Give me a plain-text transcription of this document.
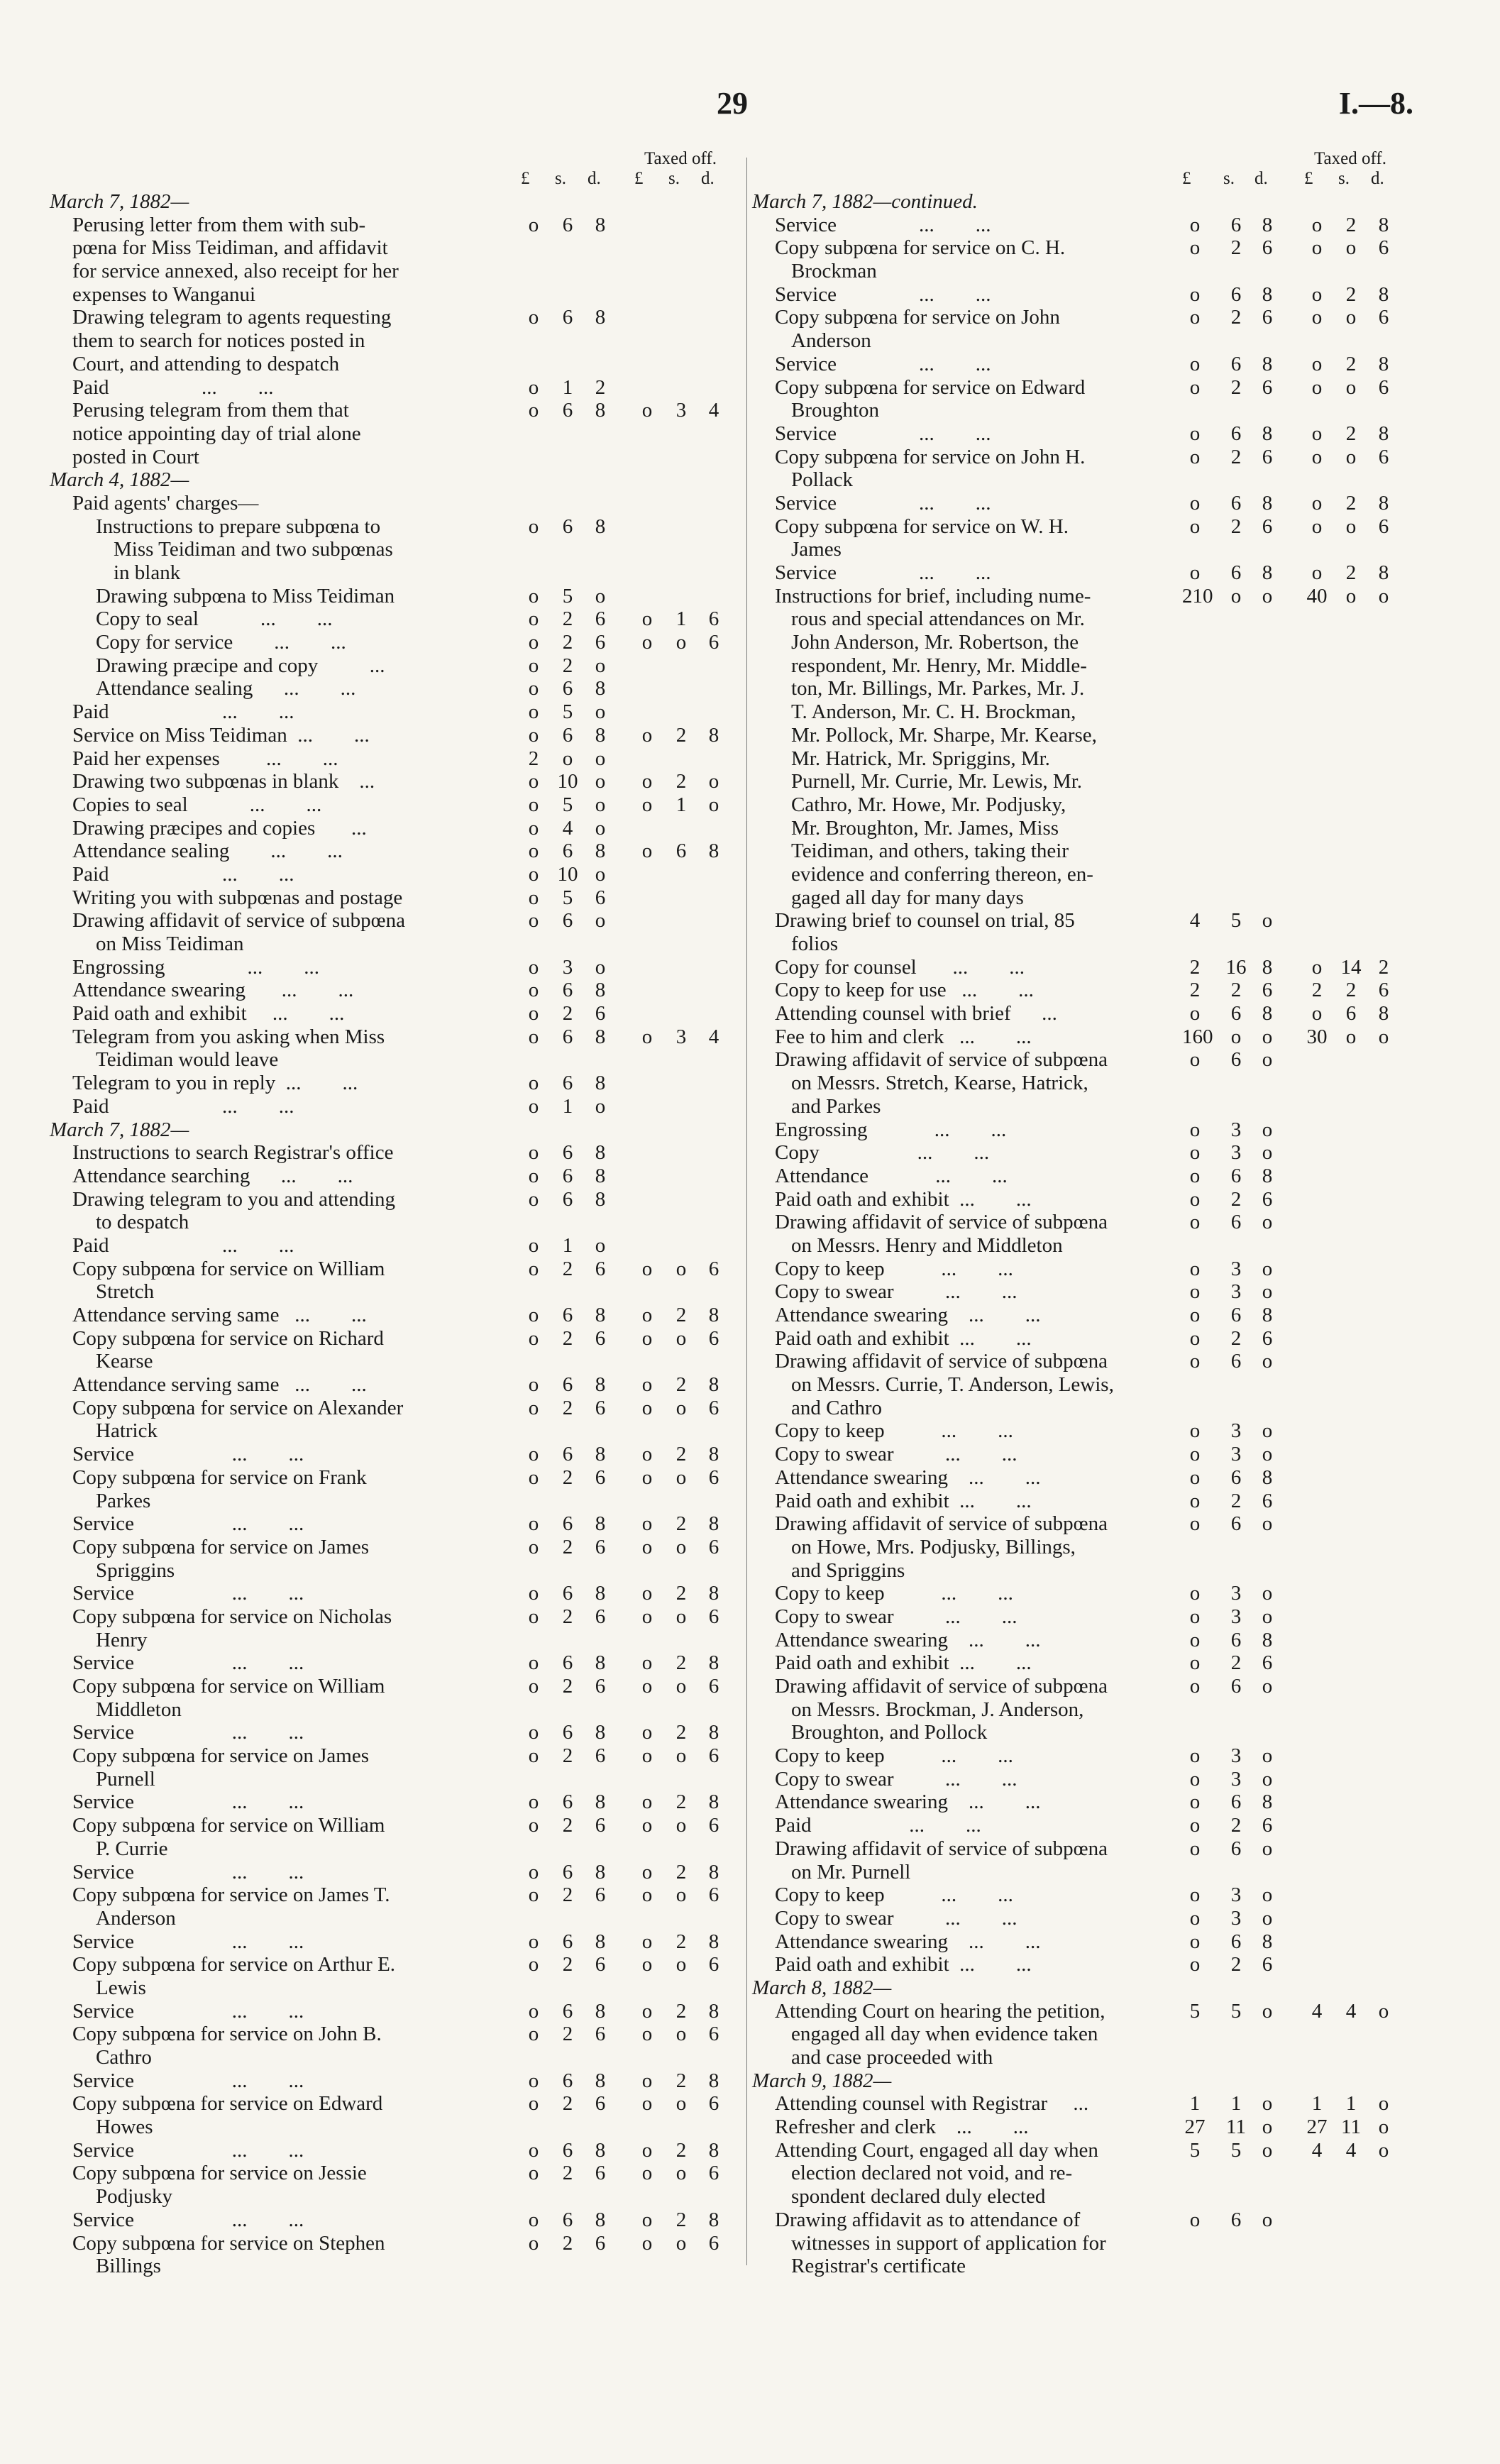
29	I.—8.
Taxed off.
£ s. d. £ s. d.
March 7, 1882—
Perusing letter from them with sub-	o	6	8
pœna for Miss Teidiman, and affidavit
for service annexed, also receipt for her
expenses to Wanganui
Drawing telegram to agents requesting	o	6	8
them to search for notices posted in
Court, and attending to despatch
Paid                  ...        ...	o	1	2
Perusing telegram from them that	o	6	8	o	3	4
notice appointing day of trial alone
posted in Court
March 4, 1882—
Paid agents' charges—
Instructions to prepare subpœna to	o	6	8
Miss Teidiman and two subpœnas
in blank
Drawing subpœna to Miss Teidiman	o	5	o
Copy to seal            ...        ...	o	2	6	o	1	6
Copy for service        ...        ...	o	2	6	o	o	6
Drawing præcipe and copy          ...	o	2	o
Attendance sealing      ...        ...	o	6	8
Paid                      ...        ...	o	5	o
Service on Miss Teidiman  ...        ...	o	6	8	o	2	8
Paid her expenses         ...        ...	2	o	o
Drawing two subpœnas in blank    ...	o 10 o	o	2	o
Copies to seal            ...        ...	o	5	o	o	1	o
Drawing præcipes and copies       ...	o	4	o
Attendance sealing        ...        ...	o	6	8	o	6	8
Paid                      ...        ...	o 10 o
Writing you with subpœnas and postage	o	5	6
Drawing affidavit of service of subpœna	o	6	o
on Miss Teidiman
Engrossing                ...        ...	o	3	o
Attendance swearing       ...        ...	o	6	8
Paid oath and exhibit     ...        ...	o	2	6
Telegram from you asking when Miss	o	6	8	o	3	4
Teidiman would leave
Telegram to you in reply  ...        ...	o	6	8
Paid                      ...        ...	o	1	o
March 7, 1882—
Instructions to search Registrar's office	o	6	8
Attendance searching      ...        ...	o	6	8
Drawing telegram to you and attending	o	6	8
to despatch
Paid                      ...        ...	o	1	o
Copy subpœna for service on William	o	2	6	o	o	6
Stretch
Attendance serving same   ...        ...	o	6	8	o	2	8
Copy subpœna for service on Richard	o	2	6	o	o	6
Kearse
Attendance serving same   ...        ...	o	6	8	o	2	8
Copy subpœna for service on Alexander	o	2	6	o	o	6
Hatrick
Service                   ...        ...	o	6	8	o	2	8
Copy subpœna for service on Frank	o	2	6	o	o	6
Parkes
Service                   ...        ...	o	6	8	o	2	8
Copy subpœna for service on James	o	2	6	o	o	6
Spriggins
Service                   ...        ...	o	6	8	o	2	8
Copy subpœna for service on Nicholas	o	2	6	o	o	6
Henry
Service                   ...        ...	o	6	8	o	2	8
Copy subpœna for service on William	o	2	6	o	o	6
Middleton
Service                   ...        ...	o	6	8	o	2	8
Copy subpœna for service on James	o	2	6	o	o	6
Purnell
Service                   ...        ...	o	6	8	o	2	8
Copy subpœna for service on William	o	2	6	o	o	6
P. Currie
Service                   ...        ...	o	6	8	o	2	8
Copy subpœna for service on James T.	o	2	6	o	o	6
Anderson
Service                   ...        ...	o	6	8	o	2	8
Copy subpœna for service on Arthur E.	o	2	6	o	o	6
Lewis
Service                   ...        ...	o	6	8	o	2	8
Copy subpœna for service on John B.	o	2	6	o	o	6
Cathro
Service                   ...        ...	o	6	8	o	2	8
Copy subpœna for service on Edward	o	2	6	o	o	6
Howes
Service                   ...        ...	o	6	8	o	2	8
Copy subpœna for service on Jessie	o	2	6	o	o	6
Podjusky
Service                   ...        ...	o	6	8	o	2	8
Copy subpœna for service on Stephen	o	2	6	o	o	6
Billings
Taxed off.
£ s. d. £ s. d.
March 7, 1882—continued.
Service                ...        ...	o	6	8	o	2	8
Copy subpœna for service on C. H.	o	2	6	o	o	6
Brockman
Service                ...        ...	o	6	8	o	2	8
Copy subpœna for service on John	o	2	6	o	o	6
Anderson
Service                ...        ...	o	6	8	o	2	8
Copy subpœna for service on Edward	o	2	6	o	o	6
Broughton
Service                ...        ...	o	6	8	o	2	8
Copy subpœna for service on John H.	o	2	6	o	o	6
Pollack
Service                ...        ...	o	6	8	o	2	8
Copy subpœna for service on W. H.	o	2	6	o	o	6
James
Service                ...        ...	o	6	8	o	2	8
Instructions for brief, including nume-	210 o	o	40 o	o
rous and special attendances on Mr.
John Anderson, Mr. Robertson, the
respondent, Mr. Henry, Mr. Middle-
ton, Mr. Billings, Mr. Parkes, Mr. J.
T. Anderson, Mr. C. H. Brockman,
Mr. Pollock, Mr. Sharpe, Mr. Kearse,
Mr. Hatrick, Mr. Spriggins, Mr.
Purnell, Mr. Currie, Mr. Lewis, Mr.
Cathro, Mr. Howe, Mr. Podjusky,
Mr. Broughton, Mr. James, Miss
Teidiman, and others, taking their
evidence and conferring thereon, en-
gaged all day for many days
Drawing brief to counsel on trial, 85	4	5	o
folios
Copy for counsel       ...        ...	2	16 8	o 14 2
Copy to keep for use   ...        ...	2	2	6	2	2	6
Attending counsel with brief      ...	o	6	8	o	6	8
Fee to him and clerk   ...        ...	160 o	o	30 o	o
Drawing affidavit of service of subpœna	o	6	o
on Messrs. Stretch, Kearse, Hatrick,
and Parkes
Engrossing             ...        ...	o	3	o
Copy                   ...        ...	o	3	o
Attendance             ...        ...	o	6	8
Paid oath and exhibit  ...        ...	o	2	6
Drawing affidavit of service of subpœna	o	6	o
on Messrs. Henry and Middleton
Copy to keep           ...        ...	o	3	o
Copy to swear          ...        ...	o	3	o
Attendance swearing    ...        ...	o	6	8
Paid oath and exhibit  ...        ...	o	2	6
Drawing affidavit of service of subpœna	o	6	o
on Messrs. Currie, T. Anderson, Lewis,
and Cathro
Copy to keep           ...        ...	o	3	o
Copy to swear          ...        ...	o	3	o
Attendance swearing    ...        ...	o	6	8
Paid oath and exhibit  ...        ...	o	2	6
Drawing affidavit of service of subpœna	o	6	o
on Howe, Mrs. Podjusky, Billings,
and Spriggins
Copy to keep           ...        ...	o	3	o
Copy to swear          ...        ...	o	3	o
Attendance swearing    ...        ...	o	6	8
Paid oath and exhibit  ...        ...	o	2	6
Drawing affidavit of service of subpœna	o	6	o
on Messrs. Brockman, J. Anderson,
Broughton, and Pollock
Copy to keep           ...        ...	o	3	o
Copy to swear          ...        ...	o	3	o
Attendance swearing    ...        ...	o	6	8
Paid                   ...        ...	o	2	6
Drawing affidavit of service of subpœna	o	6	o
on Mr. Purnell
Copy to keep           ...        ...	o	3	o
Copy to swear          ...        ...	o	3	o
Attendance swearing    ...        ...	o	6	8
Paid oath and exhibit  ...        ...	o	2	6
March 8, 1882—
Attending Court on hearing the petition,	5	5	o	4	4	o
engaged all day when evidence taken
and case proceeded with
March 9, 1882—
Attending counsel with Registrar     ...	1	1	o	1	1	o
Refresher and clerk    ...        ...	27 11 o	27 11 o
Attending Court, engaged all day when	5	5	o	4	4	o
election declared not void, and re-
spondent declared duly elected
Drawing affidavit as to attendance of	o	6	o
witnesses in support of application for
Registrar's certificate
